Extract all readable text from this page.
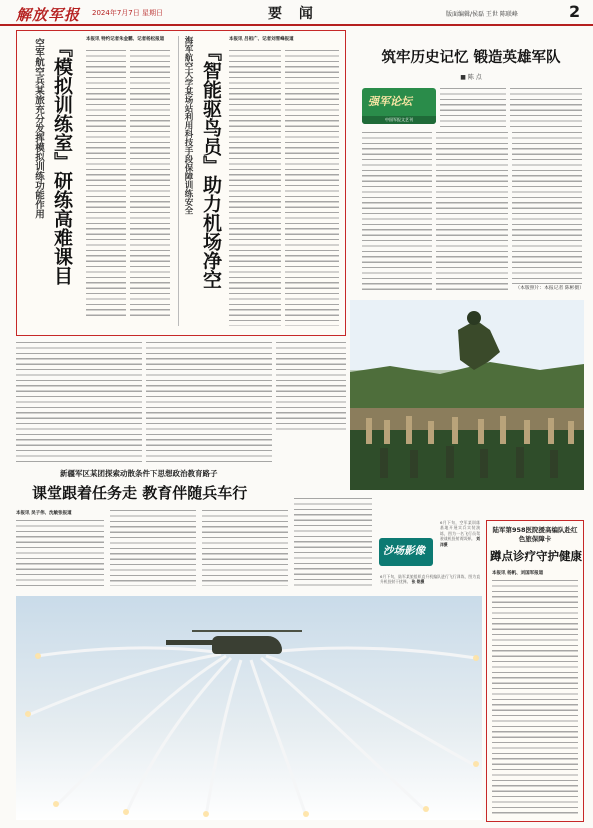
解放军报 2024年7月7日 星期日	要 闻	版面编辑/侯磊 王世 陈联峰	2
空军航空兵某旅充分发挥模拟训练功能作用 『模拟训练室』研练高难课目
本报讯 特约记者朱金鹏、记者杨松报道 海军航空大学某场站利用科技手段保障训练安全 『智能驱鸟员』助力机场净空
本报讯 吕祖广、记者刘雪峰报道
筑牢历史记忆 锻造英雄军队
■ 陈 点
强军论坛
中国军报文艺刊
（本版照片：本报记者 陈彬摄）
新疆军区某团探索动散条件下思想政治教育路子
课堂跟着任务走 教育伴随兵车行
本报讯 吴子伟、沈敏张报道
沙场影像
6月下旬，空军某训练基地开展实兵实装演练，图为一名飞行员驾驶战机投射诱饵弹。 刘 洋摄
6月下旬，陆军某旅组织直升机编队进行飞行训练，图为直升机投射干扰弹。 张 铭摄
陆军第958医院援高编队赴红色旅保障卡
蹲点诊疗守护健康
本报讯 杨帆、刘国军报道
